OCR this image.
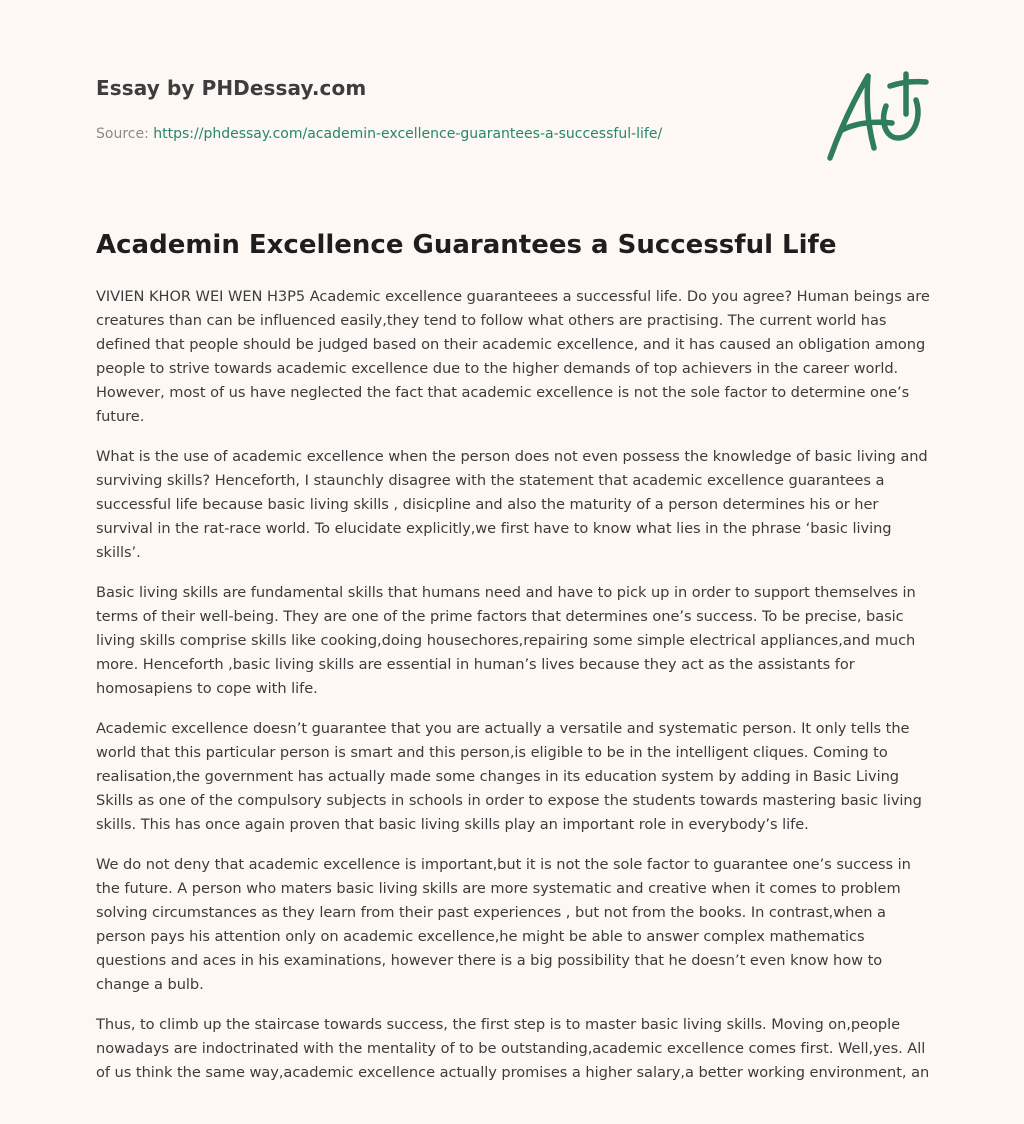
Essay by PHDessay.com
Source: https://phdessay.com/academin-excellence-guarantees-a-successful-life/
Academin Excellence Guarantees a Successful Life

VIVIEN KHOR WEI WEN H3P5 Academic excellence guaranteees a successful life. Do you agree? Human beings are creatures than can be influenced easily,they tend to follow what others are practising. The current world has defined that people should be judged based on their academic excellence, and it has caused an obligation among people to strive towards academic excellence due to the higher demands of top achievers in the career world. However, most of us have neglected the fact that academic excellence is not the sole factor to determine one’s future.

What is the use of academic excellence when the person does not even possess the knowledge of basic living and surviving skills? Henceforth, I staunchly disagree with the statement that academic excellence guarantees a successful life because basic living skills , disicpline and also the maturity of a person determines his or her survival in the rat-race world. To elucidate explicitly,we first have to know what lies in the phrase ‘basic living skills’.

Basic living skills are fundamental skills that humans need and have to pick up in order to support themselves in terms of their well-being. They are one of the prime factors that determines one’s success. To be precise, basic living skills comprise skills like cooking,doing housechores,repairing some simple electrical appliances,and much more. Henceforth ,basic living skills are essential in human’s lives because they act as the assistants for homosapiens to cope with life.

Academic excellence doesn’t guarantee that you are actually a versatile and systematic person. It only tells the world that this particular person is smart and this person,is eligible to be in the intelligent cliques. Coming to realisation,the government has actually made some changes in its education system by adding in Basic Living Skills as one of the compulsory subjects in schools in order to expose the students towards mastering basic living skills. This has once again proven that basic living skills play an important role in everybody’s life.

We do not deny that academic excellence is important,but it is not the sole factor to guarantee one’s success in the future. A person who maters basic living skills are more systematic and creative when it comes to problem solving circumstances as they learn from their past experiences , but not from the books. In contrast,when a person pays his attention only on academic excellence,he might be able to answer complex mathematics questions and aces in his examinations, however there is a big possibility that he doesn’t even know how to change a bulb.

Thus, to climb up the staircase towards success, the first step is to master basic living skills. Moving on,people nowadays are indoctrinated with the mentality of to be outstanding,academic excellence comes first. Well,yes. All of us think the same way,academic excellence actually promises a higher salary,a better working environment, an
